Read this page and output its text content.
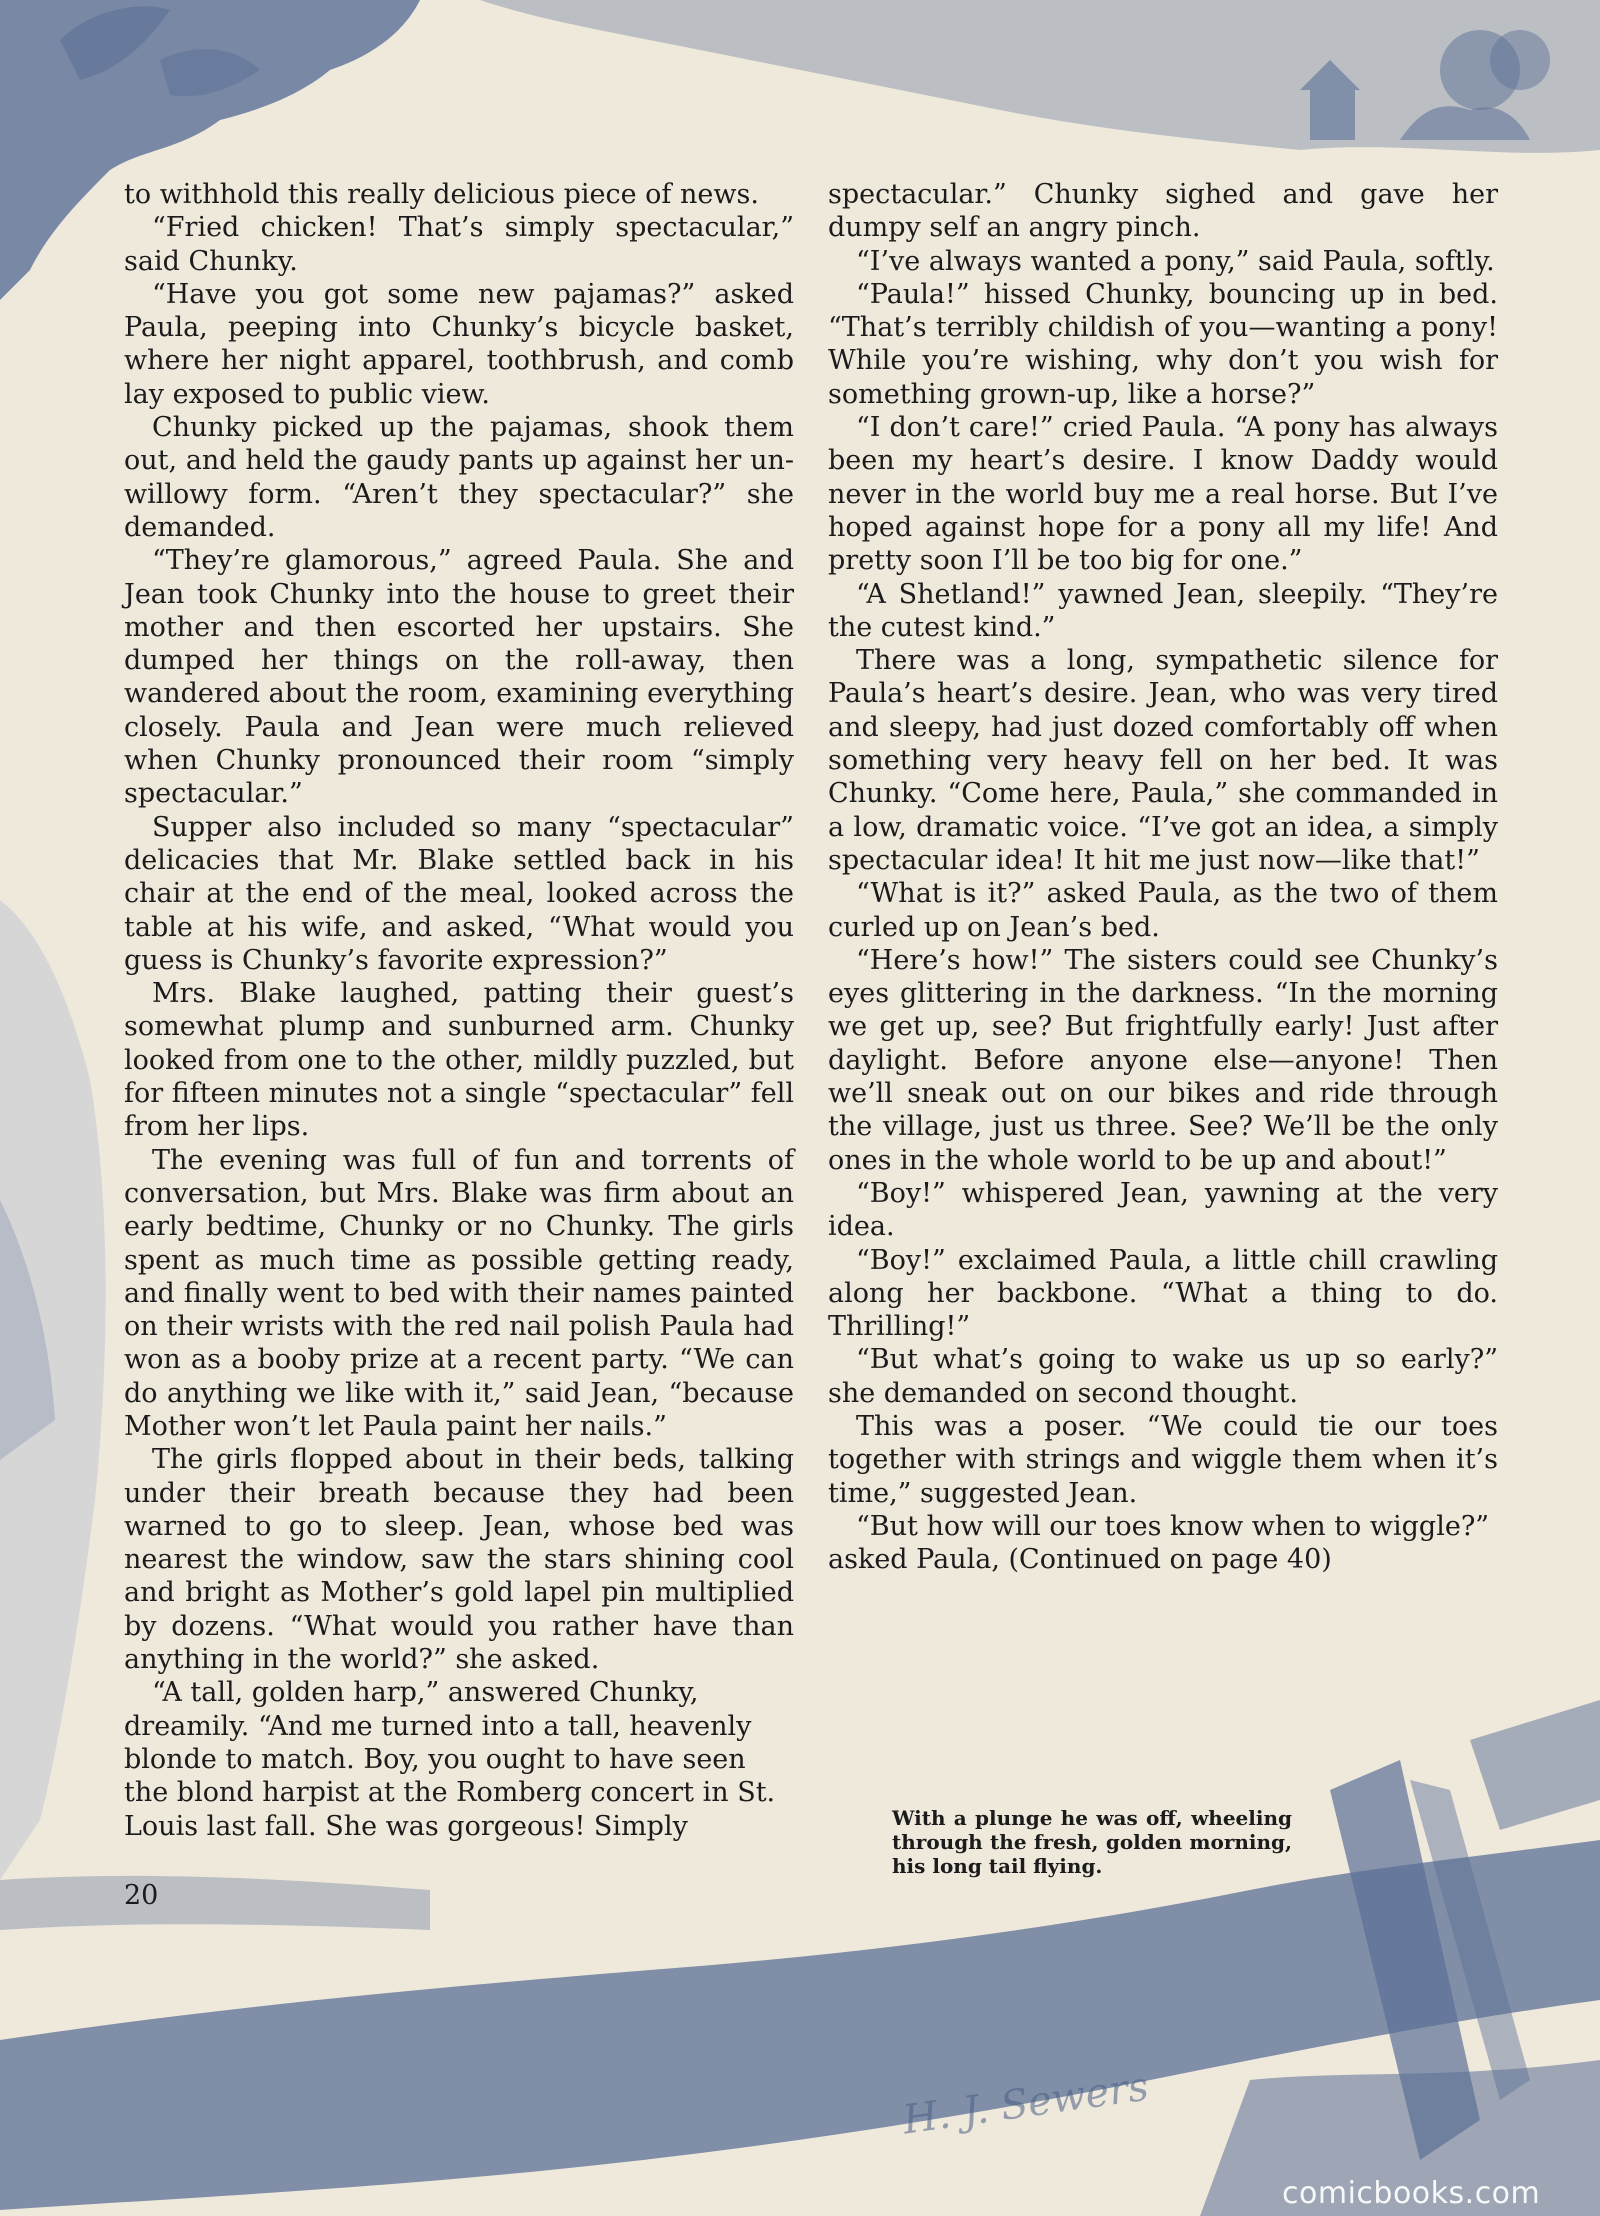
to withhold this really delicious piece of news.

“Fried chicken! That’s simply spectacular,” said Chunky.

“Have you got some new pajamas?” asked Paula, peeping into Chunky’s bicycle basket, where her night apparel, toothbrush, and comb lay exposed to public view.

Chunky picked up the pajamas, shook them out, and held the gaudy pants up against her un-willowy form. “Aren’t they spectacular?” she demanded.

“They’re glamorous,” agreed Paula. She and Jean took Chunky into the house to greet their mother and then escorted her upstairs. She dumped her things on the roll-away, then wandered about the room, examining everything closely. Paula and Jean were much relieved when Chunky pronounced their room “simply spectacular.”

Supper also included so many “spectacular” delicacies that Mr. Blake settled back in his chair at the end of the meal, looked across the table at his wife, and asked, “What would you guess is Chunky’s favorite expression?”

Mrs. Blake laughed, patting their guest’s somewhat plump and sunburned arm. Chunky looked from one to the other, mildly puzzled, but for fifteen minutes not a single “spectacular” fell from her lips.

The evening was full of fun and torrents of conversation, but Mrs. Blake was firm about an early bedtime, Chunky or no Chunky. The girls spent as much time as possible getting ready, and finally went to bed with their names painted on their wrists with the red nail polish Paula had won as a booby prize at a recent party. “We can do anything we like with it,” said Jean, “because Mother won’t let Paula paint her nails.”

The girls flopped about in their beds, talking under their breath because they had been warned to go to sleep. Jean, whose bed was nearest the window, saw the stars shining cool and bright as Mother’s gold lapel pin multiplied by dozens. “What would you rather have than anything in the world?” she asked.

“A tall, golden harp,” answered Chunky, dreamily. “And me turned into a tall, heavenly blonde to match. Boy, you ought to have seen the blond harpist at the Romberg concert in St. Louis last fall. She was gorgeous! Simply

20

spectacular.” Chunky sighed and gave her dumpy self an angry pinch.

“I’ve always wanted a pony,” said Paula, softly.

“Paula!” hissed Chunky, bouncing up in bed. “That’s terribly childish of you—wanting a pony! While you’re wishing, why don’t you wish for something grown-up, like a horse?”

“I don’t care!” cried Paula. “A pony has always been my heart’s desire. I know Daddy would never in the world buy me a real horse. But I’ve hoped against hope for a pony all my life! And pretty soon I’ll be too big for one.”

“A Shetland!” yawned Jean, sleepily. “They’re the cutest kind.”

There was a long, sympathetic silence for Paula’s heart’s desire. Jean, who was very tired and sleepy, had just dozed comfortably off when something very heavy fell on her bed. It was Chunky. “Come here, Paula,” she commanded in a low, dramatic voice. “I’ve got an idea, a simply spectacular idea! It hit me just now—like that!”

“What is it?” asked Paula, as the two of them curled up on Jean’s bed.

“Here’s how!” The sisters could see Chunky’s eyes glittering in the darkness. “In the morning we get up, see? But frightfully early! Just after daylight. Before anyone else—anyone! Then we’ll sneak out on our bikes and ride through the village, just us three. See? We’ll be the only ones in the whole world to be up and about!”

“Boy!” whispered Jean, yawning at the very idea.

“Boy!” exclaimed Paula, a little chill crawling along her backbone. “What a thing to do. Thrilling!”

“But what’s going to wake us up so early?” she demanded on second thought.

This was a poser. “We could tie our toes together with strings and wiggle them when it’s time,” suggested Jean.

“But how will our toes know when to wiggle?” asked Paula, (Continued on page 40)

With a plunge he was off, wheeling through the fresh, golden morning, his long tail flying.
H. J. Sewers
comicbooks.com
